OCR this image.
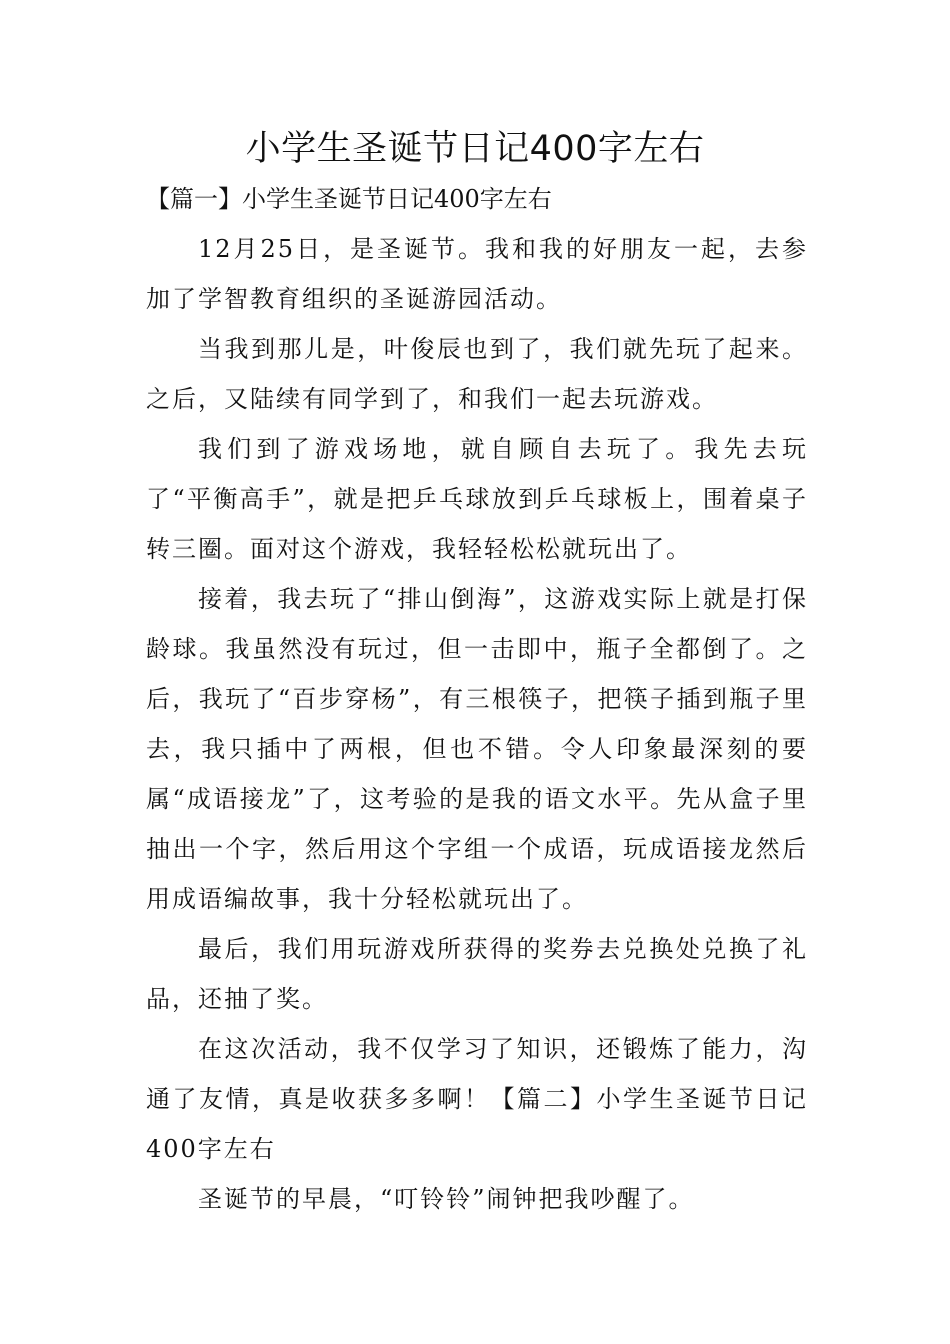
小学生圣诞节日记400字左右

【篇一】小学生圣诞节日记400字左右

12月25日，是圣诞节。我和我的好朋友一起，去参加了学智教育组织的圣诞游园活动。

当我到那儿是，叶俊辰也到了，我们就先玩了起来。之后，又陆续有同学到了，和我们一起去玩游戏。

我们到了游戏场地，就自顾自去玩了。我先去玩了“平衡高手”，就是把乒乓球放到乒乓球板上，围着桌子转三圈。面对这个游戏，我轻轻松松就玩出了。

接着，我去玩了“排山倒海”，这游戏实际上就是打保龄球。我虽然没有玩过，但一击即中，瓶子全都倒了。之后，我玩了“百步穿杨”，有三根筷子，把筷子插到瓶子里去，我只插中了两根，但也不错。令人印象最深刻的要属“成语接龙”了，这考验的是我的语文水平。先从盒子里抽出一个字，然后用这个字组一个成语，玩成语接龙然后用成语编故事，我十分轻松就玩出了。

最后，我们用玩游戏所获得的奖券去兑换处兑换了礼品，还抽了奖。

在这次活动，我不仅学习了知识，还锻炼了能力，沟通了友情，真是收获多多啊！【篇二】小学生圣诞节日记400字左右

圣诞节的早晨，“叮铃铃”闹钟把我吵醒了。
